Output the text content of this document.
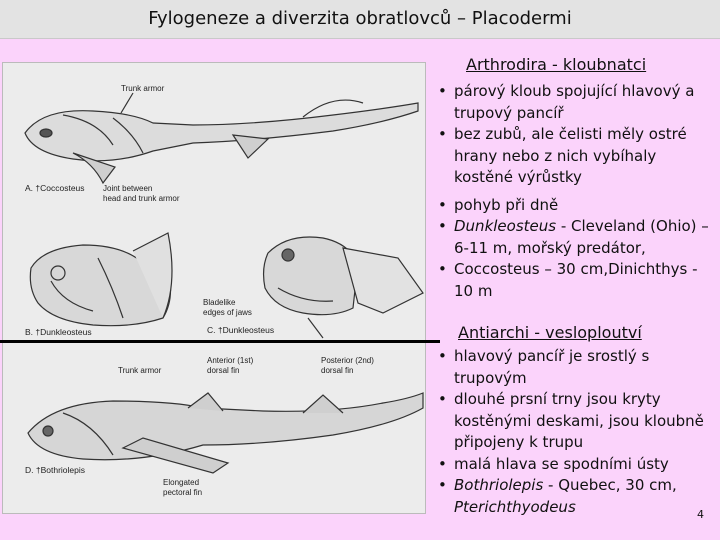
Fylogeneze a diverzita obratlovců – Placodermi
Trunk armor
A. †Coccosteus Joint between
head and trunk armor
B. †Dunkleosteus
Bladelike
edges of jaws
C. †Dunkleosteus
Trunk armor
Anterior (1st)
dorsal fin
Posterior (2nd)
dorsal fin
D. †Bothriolepis
Elongated
pectoral fin
Arthrodira - kloubnatci
• párový kloub spojující hlavový a trupový pancíř
• bez zubů, ale čelisti měly ostré hrany nebo z nich vybíhaly kostěné výrůstky
• pohyb při dně
• Dunkleosteus - Cleveland (Ohio) – 6-11 m, mořský predátor,
• Coccosteus – 30 cm,Dinichthys - 10 m
Antiarchi - vesloploutví
• hlavový pancíř je srostlý s trupovým
• dlouhé prsní trny jsou kryty kostěnými deskami, jsou kloubně připojeny k trupu
• malá hlava se spodními ústy
• Bothriolepis - Quebec, 30 cm, Pterichthyodeus	4
